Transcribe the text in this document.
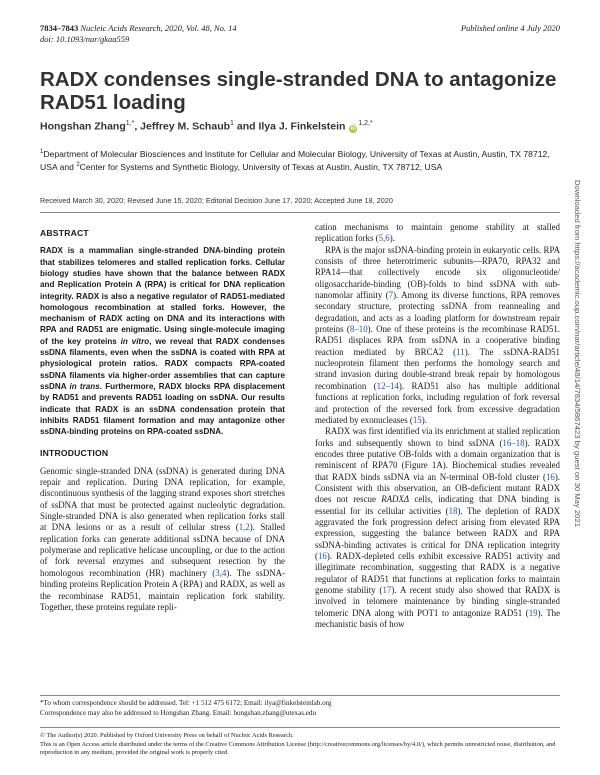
7834–7843 Nucleic Acids Research, 2020, Vol. 48, No. 14
doi: 10.1093/nar/gkaa559
Published online 4 July 2020
RADX condenses single-stranded DNA to antagonize RAD51 loading
Hongshan Zhang$^{1,*}$, Jeffrey M. Schaub$^1$ and Ilya J. Finkelstein $iD^{1,2,*}$
$^1$Department of Molecular Biosciences and Institute for Cellular and Molecular Biology, University of Texas at Austin, Austin, TX 78712, USA and $^2$Center for Systems and Synthetic Biology, University of Texas at Austin, Austin, TX 78712, USA
Received March 30, 2020; Revised June 15, 2020; Editorial Decision June 17, 2020; Accepted June 18, 2020
ABSTRACT

RADX is a mammalian single-stranded DNA-binding protein that stabilizes telomeres and stalled replication forks. Cellular biology studies have shown that the balance between RADX and Replication Protein A (RPA) is critical for DNA replication integrity. RADX is also a negative regulator of RAD51-mediated homologous recombination at stalled forks. However, the mechanism of RADX acting on DNA and its interactions with RPA and RAD51 are enigmatic. Using single-molecule imaging of the key proteins in vitro, we reveal that RADX condenses ssDNA filaments, even when the ssDNA is coated with RPA at physiological protein ratios. RADX compacts RPA-coated ssDNA filaments via higher-order assemblies that can capture ssDNA in trans. Furthermore, RADX blocks RPA displacement by RAD51 and prevents RAD51 loading on ssDNA. Our results indicate that RADX is an ssDNA condensation protein that inhibits RAD51 filament formation and may antagonize other ssDNA-binding proteins on RPA-coated ssDNA.

INTRODUCTION

Genomic single-stranded DNA (ssDNA) is generated during DNA repair and replication. During DNA replication, for example, discontinuous synthesis of the lagging strand exposes short stretches of ssDNA that must be protected against nucleolytic degradation. Single-stranded DNA is also generated when replication forks stall at DNA lesions or as a result of cellular stress (1,2). Stalled replication forks can generate additional ssDNA because of DNA polymerase and replicative helicase uncoupling, or due to the action of fork reversal enzymes and subsequent resection by the homologous recombination (HR) machinery (3,4). The ssDNA-binding proteins Replication Protein A (RPA) and RADX, as well as the recombinase RAD51, maintain replication fork stability. Together, these proteins regulate repli-

cation mechanisms to maintain genome stability at stalled replication forks (5,6).

RPA is the major ssDNA-binding protein in eukaryotic cells. RPA consists of three heterotrimeric subunits—RPA70, RPA32 and RPA14—that collectively encode six oligonucleotide/ oligosaccharide-binding (OB)-folds to bind ssDNA with sub-nanomolar affinity (7). Among its diverse functions, RPA removes secondary structure, protecting ssDNA from reannealing and degradation, and acts as a loading platform for downstream repair proteins (8–10). One of these proteins is the recombinase RAD51. RAD51 displaces RPA from ssDNA in a cooperative binding reaction mediated by BRCA2 (11). The ssDNA-RAD51 nucleoprotein filament then performs the homology search and strand invasion during double-strand break repair by homologous recombination (12–14). RAD51 also has multiple additional functions at replication forks, including regulation of fork reversal and protection of the reversed fork from excessive degradation mediated by exonucleases (15).

RADX was first identified via its enrichment at stalled replication forks and subsequently shown to bind ssDNA (16–18). RADX encodes three putative OB-folds with a domain organization that is reminiscent of RPA70 (Figure 1A). Biochemical studies revealed that RADX binds ssDNA via an N-terminal OB-fold cluster (16). Consistent with this observation, an OB-deficient mutant RADX does not rescue RADXΔ cells, indicating that DNA binding is essential for its cellular activities (18). The depletion of RADX aggravated the fork progression defect arising from elevated RPA expression, suggesting the balance between RADX and RPA ssDNA-binding activates is critical for DNA replication integrity (16). RADX-depleted cells exhibit excessive RAD51 activity and illegitimate recombination, suggesting that RADX is a negative regulator of RAD51 that functions at replication forks to maintain genome stability (17). A recent study also showed that RADX is involved in telomere maintenance by binding single-stranded telomeric DNA along with POT1 to antagonize RAD51 (19). The mechanistic basis of how

*To whom correspondence should be addressed. Tel: +1 512 475 6172; Email: ilya@finkelsteinlab.org
Correspondence may also be addressed to Hongshan Zhang. Email: hongshan.zhang@utexas.edu
© The Author(s) 2020. Published by Oxford University Press on behalf of Nucleic Acids Research.
This is an Open Access article distributed under the terms of the Creative Commons Attribution License (http://creativecommons.org/licenses/by/4.0/), which permits unrestricted reuse, distribution, and reproduction in any medium, provided the original work is properly cited.
Downloaded from https://academic.oup.com/nar/article/48/14/7834/5867423 by guest on 30 May 2021
